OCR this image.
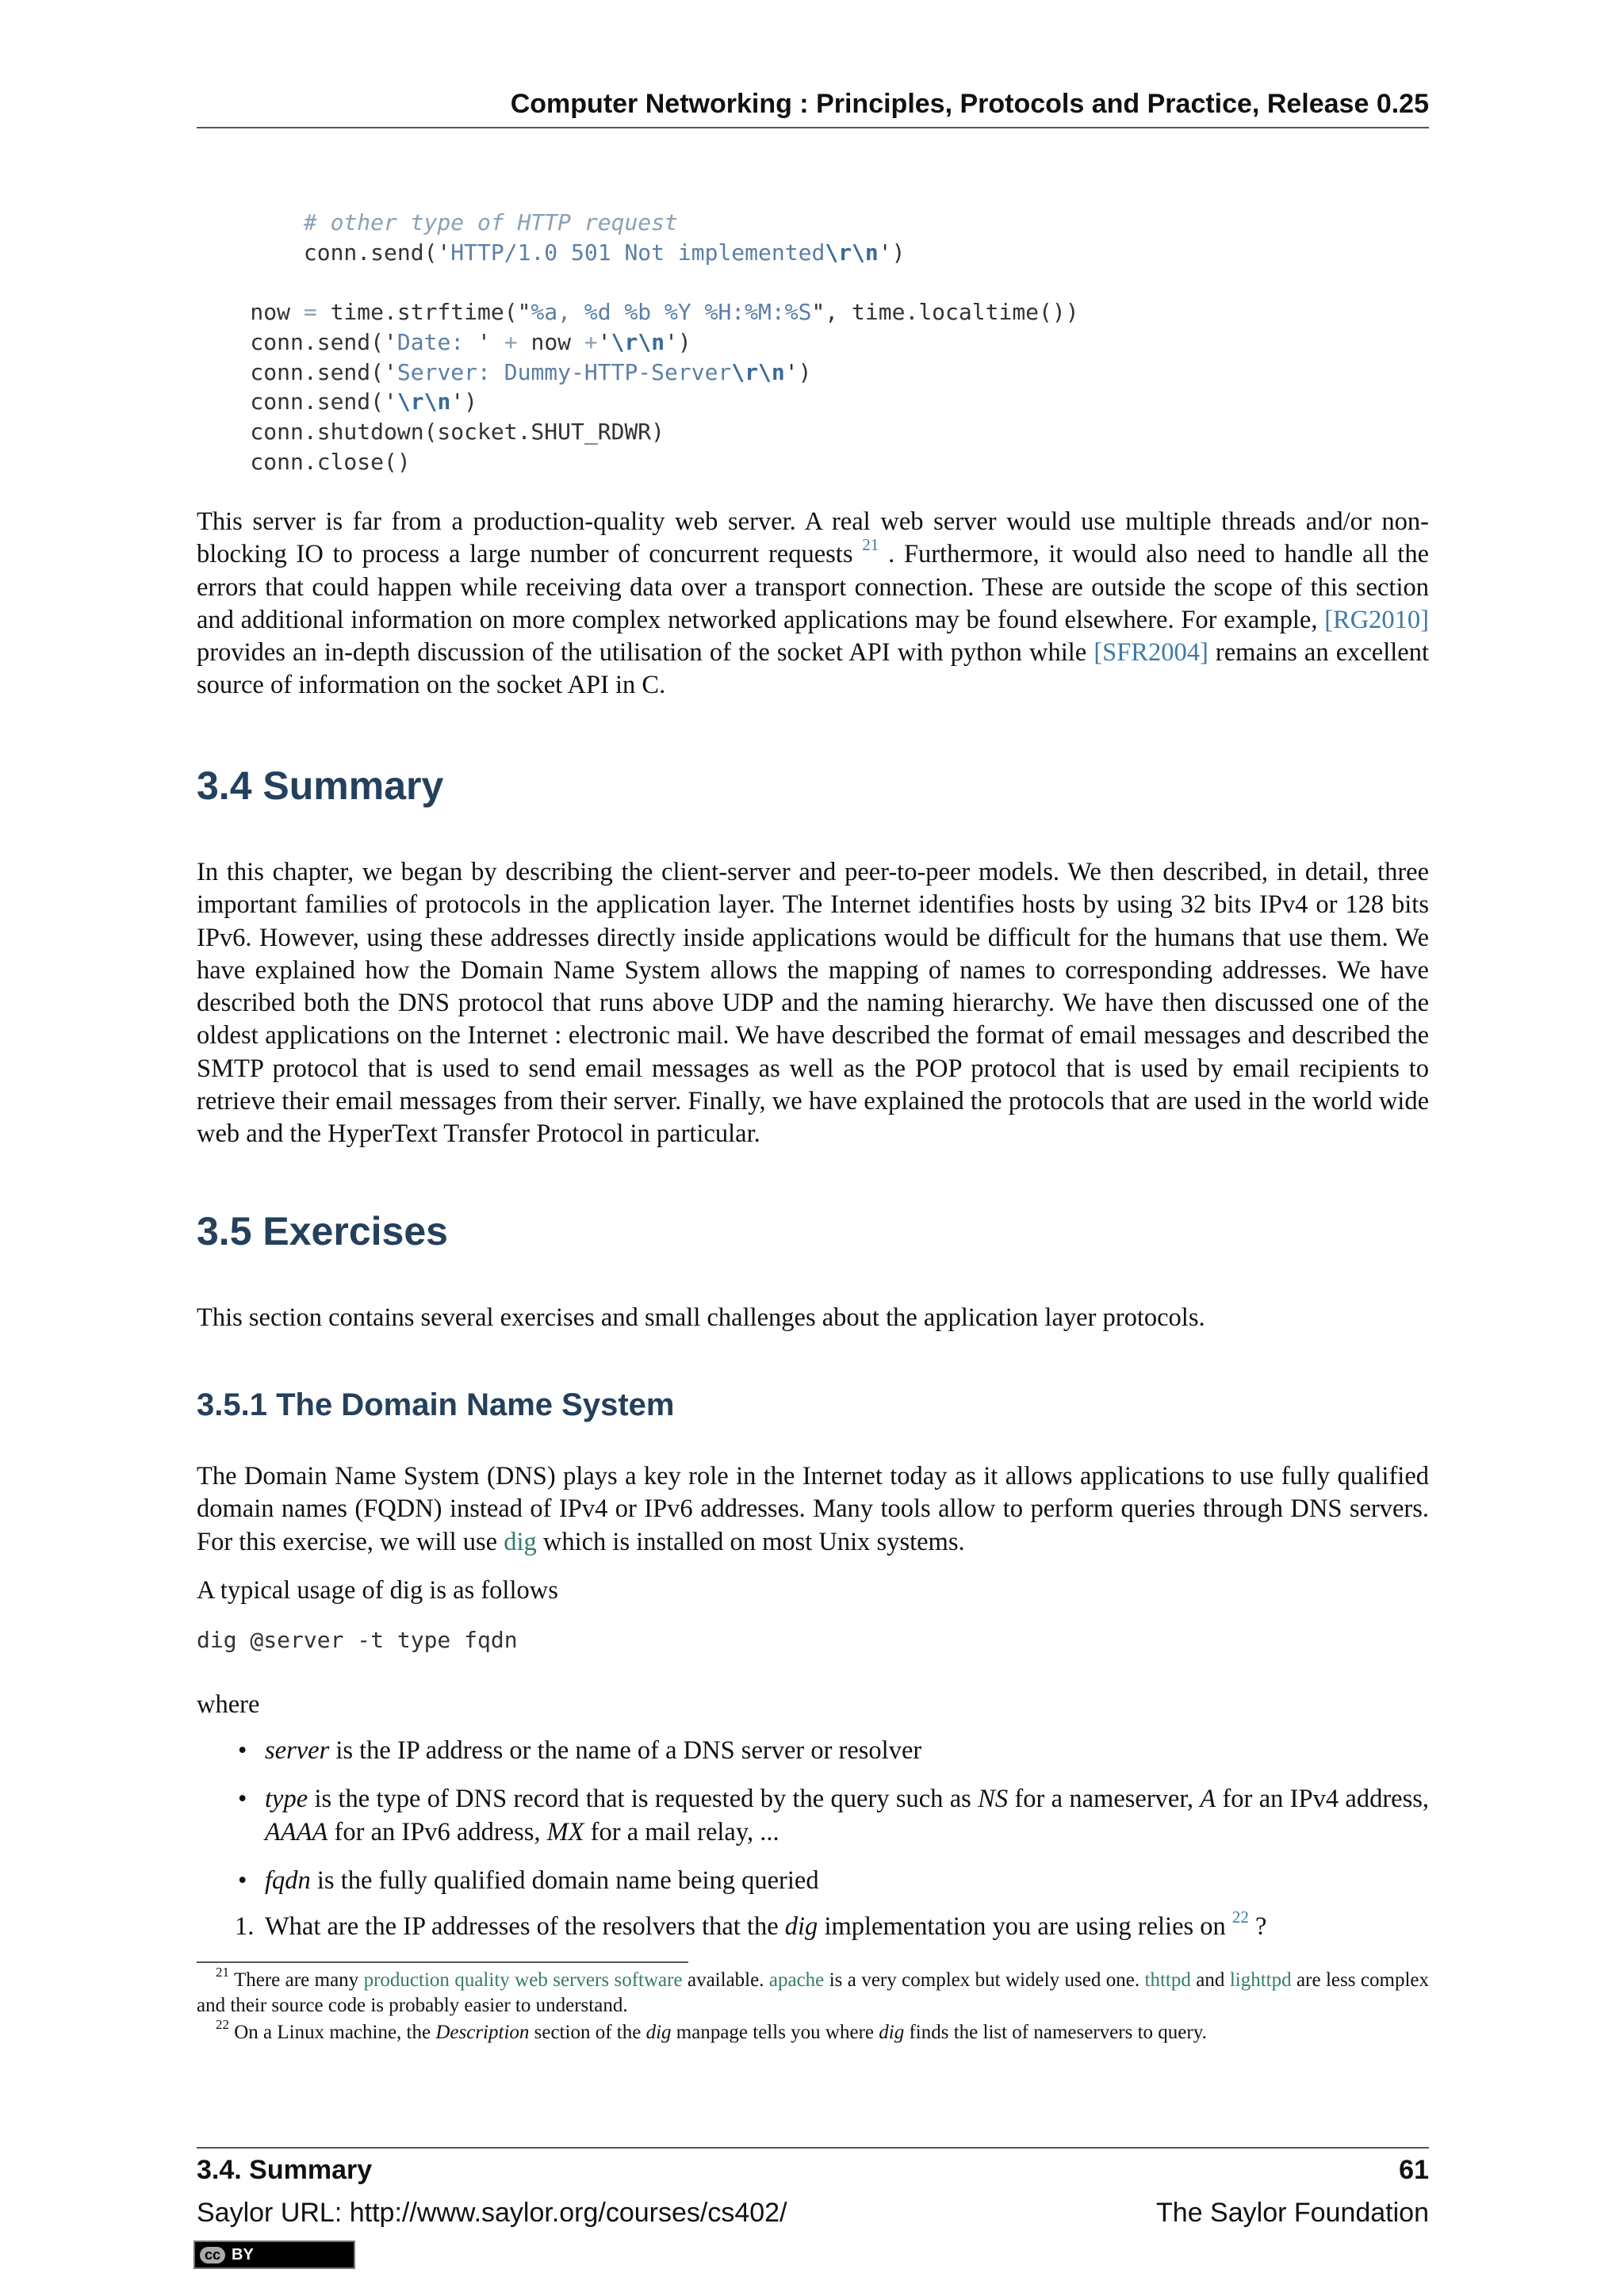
Computer Networking : Principles, Protocols and Practice, Release 0.25
# other type of HTTP request
conn.send('HTTP/1.0 501 Not implemented\r\n')

now = time.strftime("%a, %d %b %Y %H:%M:%S", time.localtime())
conn.send('Date: ' + now +'\r\n')
conn.send('Server: Dummy-HTTP-Server\r\n')
conn.send('\r\n')
conn.shutdown(socket.SHUT_RDWR)
conn.close()

This server is far from a production-quality web server. A real web server would use multiple threads and/or non-blocking IO to process a large number of concurrent requests $^{21}$ . Furthermore, it would also need to handle all the errors that could happen while receiving data over a transport connection. These are outside the scope of this section and additional information on more complex networked applications may be found elsewhere. For example, [RG2010] provides an in-depth discussion of the utilisation of the socket API with python while [SFR2004] remains an excellent source of information on the socket API in C.

3.4 Summary

In this chapter, we began by describing the client-server and peer-to-peer models. We then described, in detail, three important families of protocols in the application layer. The Internet identifies hosts by using 32 bits IPv4 or 128 bits IPv6. However, using these addresses directly inside applications would be difficult for the humans that use them. We have explained how the Domain Name System allows the mapping of names to corresponding addresses. We have described both the DNS protocol that runs above UDP and the naming hierarchy. We have then discussed one of the oldest applications on the Internet : electronic mail. We have described the format of email messages and described the SMTP protocol that is used to send email messages as well as the POP protocol that is used by email recipients to retrieve their email messages from their server. Finally, we have explained the protocols that are used in the world wide web and the HyperText Transfer Protocol in particular.

3.5 Exercises

This section contains several exercises and small challenges about the application layer protocols.

3.5.1 The Domain Name System

The Domain Name System (DNS) plays a key role in the Internet today as it allows applications to use fully qualified domain names (FQDN) instead of IPv4 or IPv6 addresses. Many tools allow to perform queries through DNS servers. For this exercise, we will use dig which is installed on most Unix systems.

A typical usage of dig is as follows

dig @server -t type fqdn

where

• server is the IP address or the name of a DNS server or resolver
• type is the type of DNS record that is requested by the query such as NS for a nameserver, A for an IPv4 address, AAAA for an IPv6 address, MX for a mail relay, ...
• fqdn is the fully qualified domain name being queried
1. What are the IP addresses of the resolvers that the dig implementation you are using relies on $^{22}$ ?
$^{21}$ There are many production quality web servers software available. apache is a very complex but widely used one. thttpd and lighttpd are less complex and their source code is probably easier to understand.
$^{22}$ On a Linux machine, the Description section of the dig manpage tells you where dig finds the list of nameservers to query.
3.4. Summary	61
Saylor URL: http://www.saylor.org/courses/cs402/	The Saylor Foundation
cc BY
